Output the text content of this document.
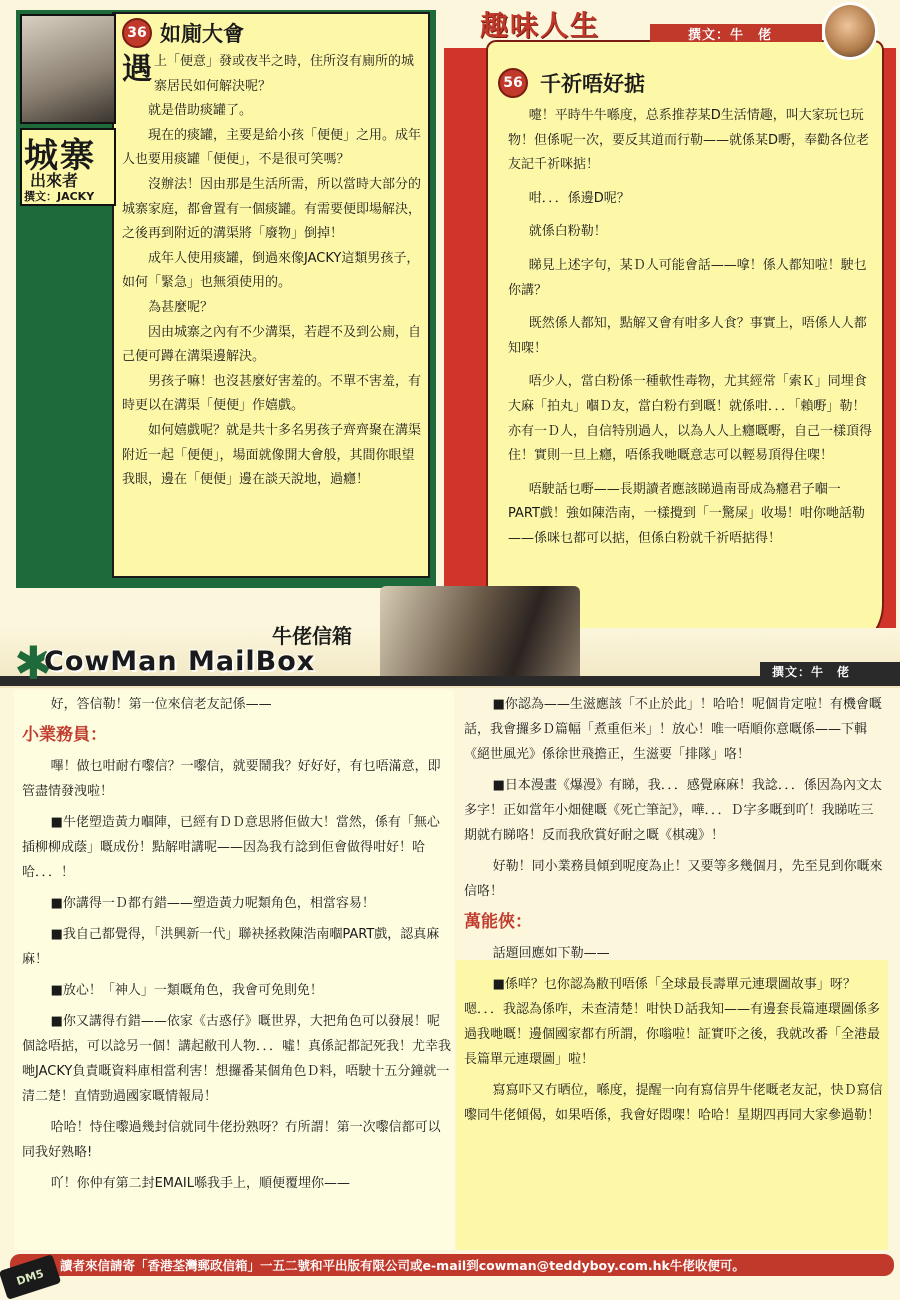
城寨
出來者
撰文：JACKY
36 如廁大會

遇上「便意」發或夜半之時，住所沒有廁所的城寨居民如何解決呢？

就是借助痰罐了。

現在的痰罐，主要是給小孩「便便」之用。成年人也要用痰罐「便便」，不是很可笑嗎？

沒辦法！因由那是生活所需，所以當時大部分的城寨家庭，都會置有一個痰罐。有需要便即場解決，之後再到附近的溝渠將「廢物」倒掉！

成年人使用痰罐，倒過來像JACKY這類男孩子，如何「緊急」也無須使用的。

為甚麼呢？

因由城寨之內有不少溝渠，若趕不及到公廁，自己便可蹲在溝渠邊解決。

男孩子嘛！也沒甚麼好害羞的。不單不害羞，有時更以在溝渠「便便」作嬉戲。

如何嬉戲呢？就是共十多名男孩子齊齊聚在溝渠附近一起「便便」，場面就像開大會般，其間你眼望我眼，邊在「便便」邊在談天說地，過癮！

趣味人生	撰文：牛　佬
56 千祈唔好掂

嚏！平時牛牛喺度，总系推荐某D生活情趣，叫大家玩乜玩物！但係呢一次，要反其道而行勒——就係某D嘢，奉勸各位老友記千祈咪掂！

咁．．．係邊D呢？

就係白粉勒！

睇見上述字句，某Ｄ人可能會話——嗱！係人都知啦！駛乜你講？

既然係人都知，點解又會有咁多人食？事實上，唔係人人都知㗎！

唔少人，當白粉係一種軟性毒物，尤其經常「索Ｋ」同埋食大麻「拍丸」嗰Ｄ友，當白粉冇到嘅！就係咁．．．「賴嘢」勒！亦有一Ｄ人，自信特別過人，以為人人上癮嘅嘢，自己一樣頂得住！實則一旦上癮，唔係我哋嘅意志可以輕易頂得住㗎！

唔駛話乜嘢——長期讀者應該睇過南哥成為癮君子嗰一PART戲！強如陳浩南，一樣攪到「一驚屎」收場！咁你哋話勒——係咪乜都可以掂，但係白粉就千祈唔掂得！

撰文：牛　佬
✱	牛佬信箱
CowMan MailBox

好，答信勒！第一位來信老友記係——

小業務員：

嗶！做乜咁耐冇嚟信？一嚟信，就要鬧我？好好好，有乜唔滿意，即管盡情發洩啦！

■牛佬塑造黃力嗰陣，已經有ＤＤ意思將佢做大！當然，係有「無心插柳柳成蔭」嘅成份！點解咁講呢——因為我冇諗到佢會做得咁好！哈哈．．．！

■你講得一Ｄ都冇錯——塑造黃力呢類角色，相當容易！

■我自己都覺得，「洪興新一代」聯袂拯救陳浩南嗰PART戲，認真麻麻！

■放心！「神人」一類嘅角色，我會可免則免！

■你又講得冇錯——依家《古惑仔》嘅世界，大把角色可以發展！呢個諗唔掂，可以諗另一個！講起敝刊人物．．．噓！真係記都記死我！尤幸我哋JACKY負責嘅資料庫相當利害！想攞番某個角色Ｄ料，唔駛十五分鐘就一清二楚！直情勁過國家嘅情報局！

哈哈！恃住嚟過幾封信就同牛佬扮熟呀？冇所謂！第一次嚟信都可以同我好熟略!

吖！你仲有第二封EMAIL喺我手上，順便覆埋你——

■你認為——生滋應該「不止於此」！哈哈！呢個肯定啦！有機會嘅話，我會攞多Ｄ篇幅「煮重佢米」！放心！唯一唔順你意嘅係——下輯《絕世風光》係徐世飛擔正，生滋要「排隊」咯！

■日本漫畫《爆漫》有睇，我．．．感覺麻麻！我諗．．．係因為內文太多字！正如當年小畑健嘅《死亡筆記》，嘩．．．Ｄ字多嘅到吖！我睇咗三期就冇睇咯！反而我欣賞好耐之嘅《棋魂》！

好勒！同小業務員傾到呢度為止！又要等多幾個月，先至見到你嘅來信咯！

萬能俠：

話題回應如下勒——

■係咩？乜你認為敝刊唔係「全球最長壽單元連環圖故事」呀？嗯．．．我認為係咋，未查清楚！咁快Ｄ話我知——有邊套長篇連環圖係多過我哋嘅！邊個國家都冇所謂，你嗡啦！証實吓之後，我就改番「全港最長篇單元連環圖」啦！

寫寫吓又冇晒位，喺度，提醒一向有寫信畀牛佬嘅老友記，快Ｄ寫信嚟同牛佬傾偈，如果唔係，我會好悶㗎！哈哈！星期四再同大家參過勒！

讀者來信請寄「香港荃灣郵政信箱」一五二號和平出版有限公司或e-mail到cowman@teddyboy.com.hk牛佬收便可。
DM5
